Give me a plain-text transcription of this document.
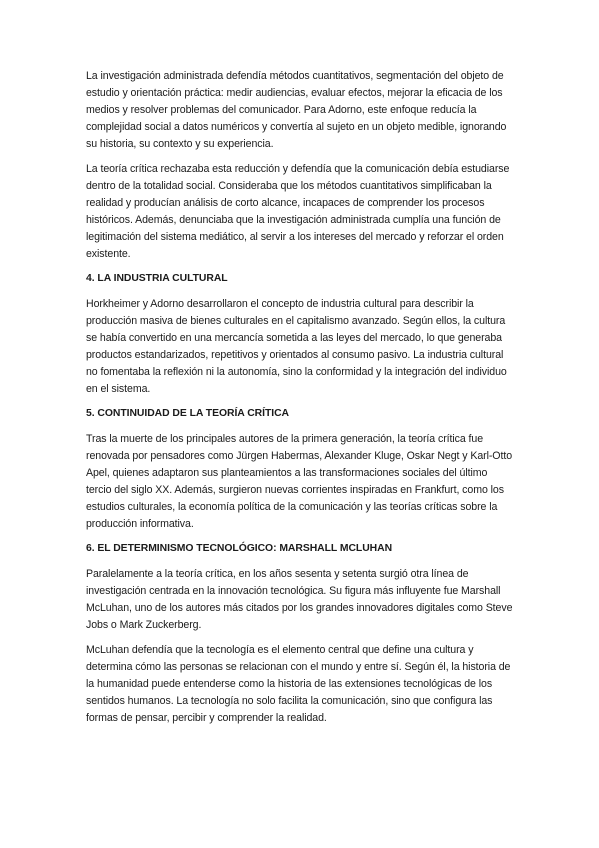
La investigación administrada defendía métodos cuantitativos, segmentación del objeto de estudio y orientación práctica: medir audiencias, evaluar efectos, mejorar la eficacia de los medios y resolver problemas del comunicador. Para Adorno, este enfoque reducía la complejidad social a datos numéricos y convertía al sujeto en un objeto medible, ignorando su historia, su contexto y su experiencia.

La teoría crítica rechazaba esta reducción y defendía que la comunicación debía estudiarse dentro de la totalidad social. Consideraba que los métodos cuantitativos simplificaban la realidad y producían análisis de corto alcance, incapaces de comprender los procesos históricos. Además, denunciaba que la investigación administrada cumplía una función de legitimación del sistema mediático, al servir a los intereses del mercado y reforzar el orden existente.

4. LA INDUSTRIA CULTURAL

Horkheimer y Adorno desarrollaron el concepto de industria cultural para describir la producción masiva de bienes culturales en el capitalismo avanzado. Según ellos, la cultura se había convertido en una mercancía sometida a las leyes del mercado, lo que generaba productos estandarizados, repetitivos y orientados al consumo pasivo. La industria cultural no fomentaba la reflexión ni la autonomía, sino la conformidad y la integración del individuo en el sistema.

5. CONTINUIDAD DE LA TEORÍA CRÍTICA

Tras la muerte de los principales autores de la primera generación, la teoría crítica fue renovada por pensadores como Jürgen Habermas, Alexander Kluge, Oskar Negt y Karl-Otto Apel, quienes adaptaron sus planteamientos a las transformaciones sociales del último tercio del siglo XX. Además, surgieron nuevas corrientes inspiradas en Frankfurt, como los estudios culturales, la economía política de la comunicación y las teorías críticas sobre la producción informativa.

6. EL DETERMINISMO TECNOLÓGICO: MARSHALL MCLUHAN

Paralelamente a la teoría crítica, en los años sesenta y setenta surgió otra línea de investigación centrada en la innovación tecnológica. Su figura más influyente fue Marshall McLuhan, uno de los autores más citados por los grandes innovadores digitales como Steve Jobs o Mark Zuckerberg.

McLuhan defendía que la tecnología es el elemento central que define una cultura y determina cómo las personas se relacionan con el mundo y entre sí. Según él, la historia de la humanidad puede entenderse como la historia de las extensiones tecnológicas de los sentidos humanos. La tecnología no solo facilita la comunicación, sino que configura las formas de pensar, percibir y comprender la realidad.
